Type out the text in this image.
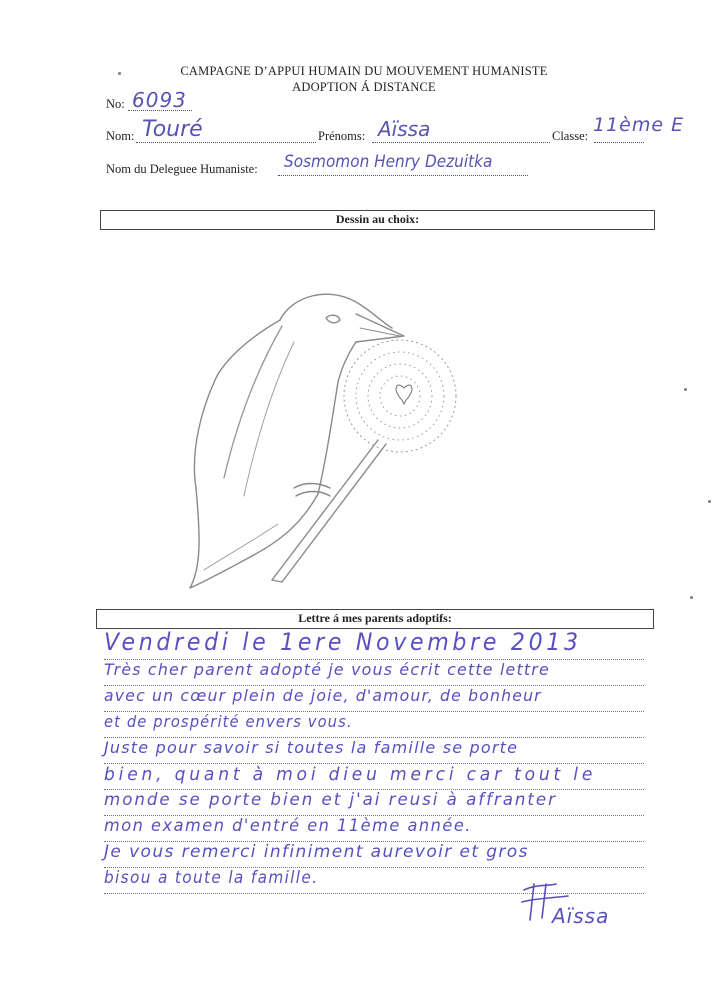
CAMPAGNE D’APPUI HUMAIN DU MOUVEMENT HUMANISTE
ADOPTION Á DISTANCE
No: 6093
Nom: Touré	Prénoms: Aïssa	Classe: 11ème E
Nom du Deleguee Humaniste: Sosmomon Henry Dezuitka
Dessin au choix:
Lettre á mes parents adoptifs:
Vendredi le 1ere Novembre 2013
Très cher parent adopté je vous écrit cette lettre
avec un cœur plein de joie, d'amour, de bonheur
et de prospérité envers vous.
Juste pour savoir si toutes la famille se porte
bien, quant à moi dieu merci car tout le
monde se porte bien et j'ai reusi à affranter
mon examen d'entré en 11ème année.
Je vous remerci infiniment aurevoir et gros
bisou a toute la famille.
Aïssa
